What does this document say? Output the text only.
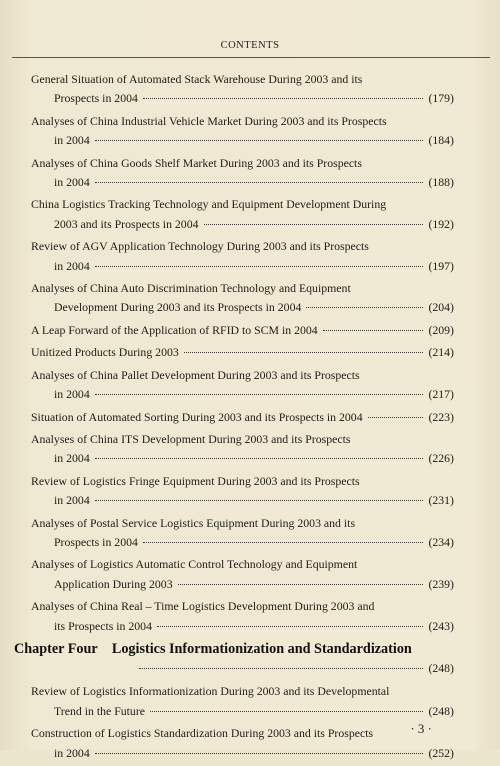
CONTENTS
General Situation of Automated Stack Warehouse During 2003 and its
Prospects in 2004	(179)
Analyses of China Industrial Vehicle Market During 2003 and its Prospects
in 2004	(184)
Analyses of China Goods Shelf Market During 2003 and its Prospects
in 2004	(188)
China Logistics Tracking Technology and Equipment Development During
2003 and its Prospects in 2004	(192)
Review of AGV Application Technology During 2003 and its Prospects
in 2004	(197)
Analyses of China Auto Discrimination Technology and Equipment
Development During 2003 and its Prospects in 2004	(204)
A Leap Forward of the Application of RFID to SCM in 2004	(209)
Unitized Products During 2003	(214)
Analyses of China Pallet Development During 2003 and its Prospects
in 2004	(217)
Situation of Automated Sorting During 2003 and its Prospects in 2004	(223)
Analyses of China ITS Development During 2003 and its Prospects
in 2004	(226)
Review of Logistics Fringe Equipment During 2003 and its Prospects
in 2004	(231)
Analyses of Postal Service Logistics Equipment During 2003 and its
Prospects in 2004	(234)
Analyses of Logistics Automatic Control Technology and Equipment
Application During 2003	(239)
Analyses of China Real – Time Logistics Development During 2003 and
its Prospects in 2004	(243)
Chapter Four Logistics Informationization and Standardization
(248)
Review of Logistics Informationization During 2003 and its Developmental
Trend in the Future	(248)
Construction of Logistics Standardization During 2003 and its Prospects
in 2004	(252)
· 3 ·
